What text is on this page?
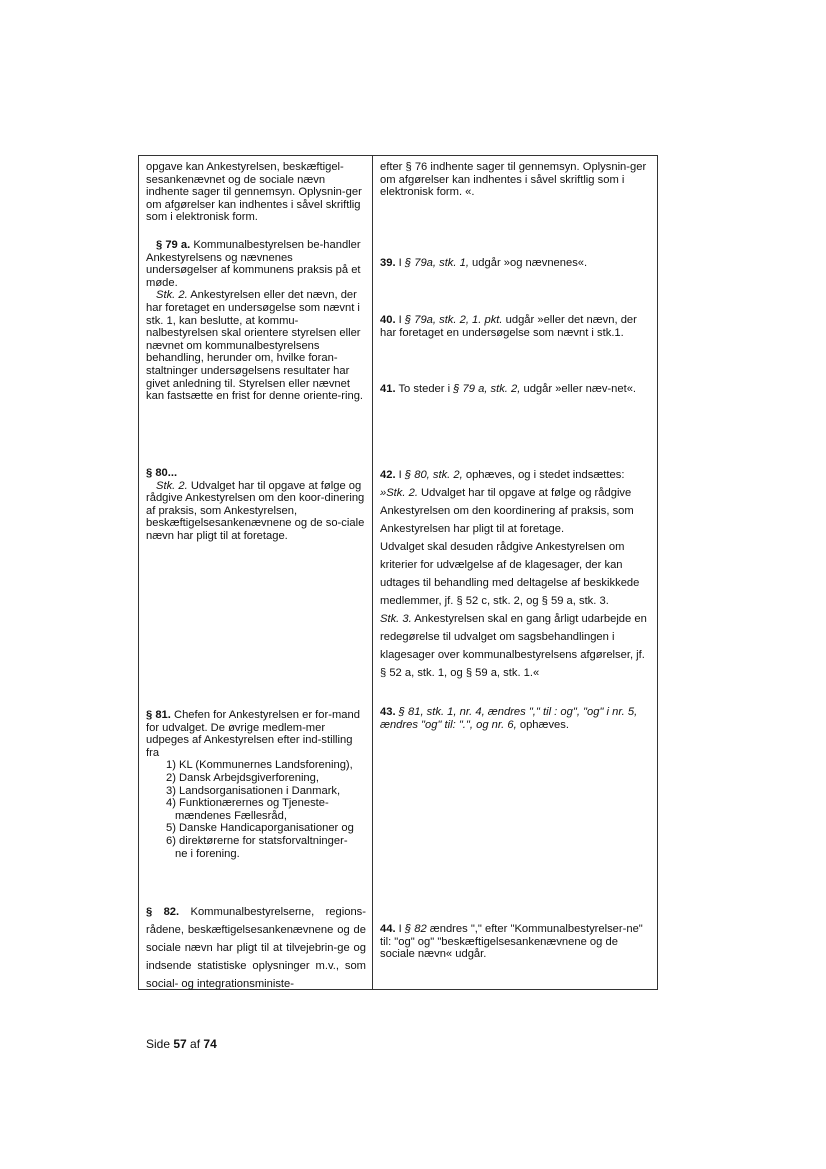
opgave kan Ankestyrelsen, beskæftigel-sesankenævnet og de sociale nævn indhente sager til gennemsyn. Oplysnin-ger om afgørelser kan indhentes i såvel skriftlig som i elektronisk form.

§ 79 a. Kommunalbestyrelsen be-handler Ankestyrelsens og nævnenes undersøgelser af kommunens praksis på et møde.

Stk. 2. Ankestyrelsen eller det nævn, der har foretaget en undersøgelse som nævnt i stk. 1, kan beslutte, at kommu-nalbestyrelsen skal orientere styrelsen eller nævnet om kommunalbestyrelsens behandling, herunder om, hvilke foran-staltninger undersøgelsens resultater har givet anledning til. Styrelsen eller nævnet kan fastsætte en frist for denne oriente-ring.

§ 80...

Stk. 2. Udvalget har til opgave at følge og rådgive Ankestyrelsen om den koor-dinering af praksis, som Ankestyrelsen, beskæftigelsesankenævnene og de so-ciale nævn har pligt til at foretage.

§ 81. Chefen for Ankestyrelsen er for-mand for udvalget. De øvrige medlem-mer udpeges af Ankestyrelsen efter ind-stilling fra

1) KL (Kommunernes Landsforening),

2) Dansk Arbejdsgiverforening,

3) Landsorganisationen i Danmark,

4) Funktionærernes og Tjeneste-

mændenes Fællesråd,

5) Danske Handicaporganisationer og

6) direktørerne for statsforvaltninger-

ne i forening.

§ 82. Kommunalbestyrelserne, regions-rådene, beskæftigelsesankenævnene og de sociale nævn har pligt til at tilvejebrin-ge og indsende statistiske oplysninger m.v., som social- og integrationsministe-

efter § 76 indhente sager til gennemsyn. Oplysnin-ger om afgørelser kan indhentes i såvel skriftlig som i elektronisk form. «.

39. I § 79a, stk. 1, udgår »og nævnenes«.

40. I § 79a, stk. 2, 1. pkt. udgår »eller det nævn, der har foretaget en undersøgelse som nævnt i stk.1.

41. To steder i § 79 a, stk. 2, udgår »eller næv-net«.

42. I § 80, stk. 2, ophæves, og i stedet indsættes:

»Stk. 2. Udvalget har til opgave at følge og rådgive Ankestyrelsen om den koordinering af praksis, som Ankestyrelsen har pligt til at foretage.

Udvalget skal desuden rådgive Ankestyrelsen om kriterier for udvælgelse af de klagesager, der kan udtages til behandling med deltagelse af beskikkede medlemmer, jf. § 52 c, stk. 2, og § 59 a, stk. 3.

Stk. 3. Ankestyrelsen skal en gang årligt udarbejde en redegørelse til udvalget om sagsbehandlingen i klagesager over kommunalbestyrelsens afgørelser, jf. § 52 a, stk. 1, og § 59 a, stk. 1.«

43. § 81, stk. 1, nr. 4, ændres "," til : og", "og" i nr. 5, ændres "og" til: ".", og nr. 6, ophæves.

44. I § 82 ændres "," efter "Kommunalbestyrelser-ne" til: "og" og" "beskæftigelsesankenævnene og de sociale nævn« udgår.

Side 57 af 74
